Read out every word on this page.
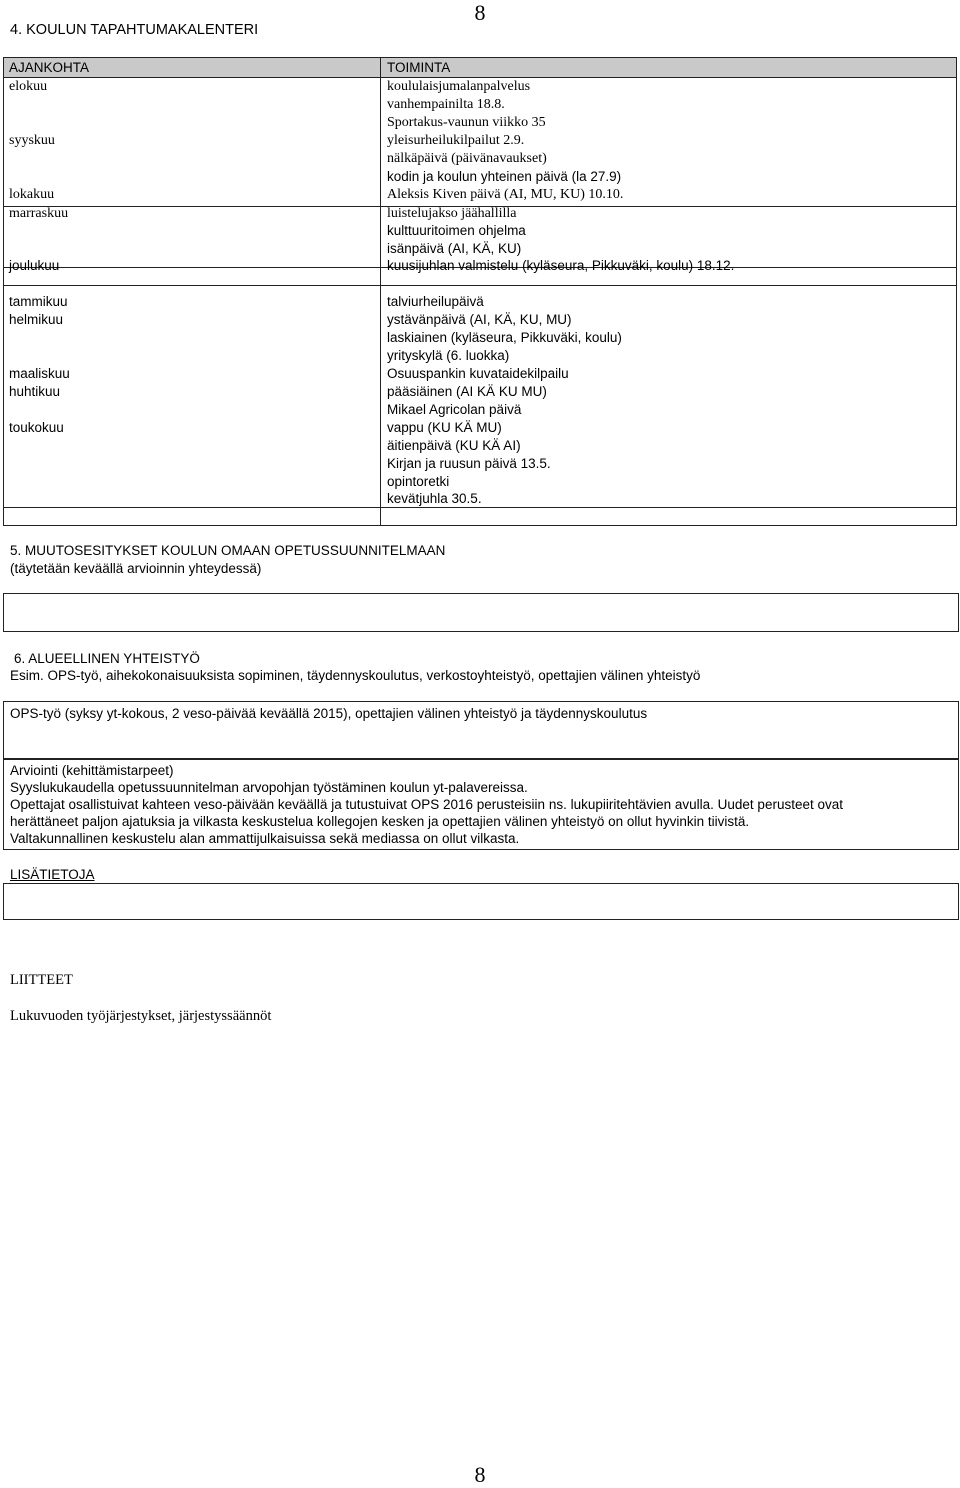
8
4. KOULUN TAPAHTUMAKALENTERI
AJANKOHTA	TOIMINTA
elokuu
syyskuu
lokakuu
marraskuu
joulukuu
tammikuu
helmikuu
maaliskuu
huhtikuu
toukokuu
koululaisjumalanpalvelus
vanhempainilta 18.8.
Sportakus-vaunun viikko 35
yleisurheilukilpailut 2.9.
nälkäpäivä (päivänavaukset)
kodin ja koulun yhteinen päivä (la 27.9)
Aleksis Kiven päivä (AI, MU, KU) 10.10.
luistelujakso jäähallilla
kulttuuritoimen ohjelma
isänpäivä (AI, KÄ, KU)
kuusijuhlan valmistelu (kyläseura, Pikkuväki, koulu) 18.12.
talviurheilupäivä
ystävänpäivä (AI, KÄ, KU, MU)
laskiainen (kyläseura, Pikkuväki, koulu)
yrityskylä (6. luokka)
Osuuspankin kuvataidekilpailu
pääsiäinen (AI KÄ KU MU)
Mikael Agricolan päivä
vappu (KU KÄ MU)
äitienpäivä (KU KÄ AI)
Kirjan ja ruusun päivä 13.5.
opintoretki
kevätjuhla 30.5.
5. MUUTOSESITYKSET KOULUN OMAAN OPETUSSUUNNITELMAAN
(täytetään keväällä arvioinnin yhteydessä)
6. ALUEELLINEN YHTEISTYÖ
Esim. OPS-työ, aihekokonaisuuksista sopiminen, täydennyskoulutus, verkostoyhteistyö, opettajien välinen yhteistyö
OPS-työ (syksy yt-kokous, 2 veso-päivää keväällä 2015), opettajien välinen yhteistyö ja täydennyskoulutus
Arviointi (kehittämistarpeet)
Syyslukukaudella opetussuunnitelman arvopohjan työstäminen koulun yt-palavereissa.
Opettajat osallistuivat kahteen veso-päivään keväällä ja tutustuivat OPS 2016 perusteisiin ns. lukupiiritehtävien avulla. Uudet perusteet ovat
herättäneet paljon ajatuksia ja vilkasta keskustelua kollegojen kesken ja opettajien välinen yhteistyö on ollut hyvinkin tiivistä.
Valtakunnallinen keskustelu alan ammattijulkaisuissa sekä mediassa on ollut vilkasta.
LISÄTIETOJA
LIITTEET
Lukuvuoden työjärjestykset, järjestyssäännöt
8
